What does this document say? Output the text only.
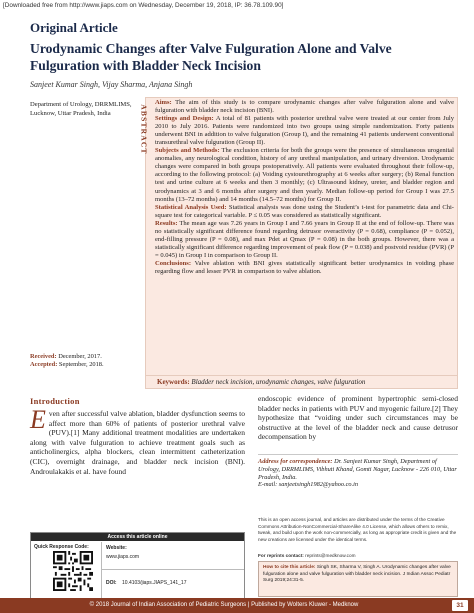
[Downloaded free from http://www.jiaps.com on Wednesday, December 19, 2018, IP: 36.78.109.90]
Original Article
Urodynamic Changes after Valve Fulguration Alone and Valve Fulguration with Bladder Neck Incision
Sanjeet Kumar Singh, Vijay Sharma, Anjana Singh
Department of Urology, DRRMLIMS, Lucknow, Uttar Pradesh, India	ABSTRACT

Aims: The aim of this study is to compare urodynamic changes after valve fulguration alone and valve fulguration with bladder neck incision (BNI).

Settings and Design: A total of 81 patients with posterior urethral valve were treated at our center from July 2010 to July 2016. Patients were randomized into two groups using simple randomization. Forty patients underwent BNI in addition to valve fulguration (Group I), and the remaining 41 patients underwent conventional transurethral valve fulguration (Group II).

Subjects and Methods: The exclusion criteria for both the groups were the presence of simultaneous urogenital anomalies, any neurological condition, history of any urethral manipulation, and urinary diversion. Urodynamic changes were compared in both groups postoperatively. All patients were evaluated throughout their follow-up, according to the following protocol: (a) Voiding cystourethrography at 6 weeks after surgery; (b) Renal function test and urine culture at 6 weeks and then 3 monthly; (c) Ultrasound kidney, ureter, and bladder region and urodynamics at 3 and 6 months after surgery and then yearly. Median follow-up period for Group I was 27.5 months (13–72 months) and 14 months (14.5–72 months) for Group II.

Statistical Analysis Used: Statistical analysis was done using the Student’s t-test for parametric data and Chi-square test for categorical variable. P ≤ 0.05 was considered as statistically significant.

Results: The mean age was 7.26 years in Group I and 7.66 years in Group II at the end of follow-up. There was no statistically significant difference found regarding detrusor overactivity (P = 0.68), compliance (P = 0.052), end-filling pressure (P = 0.08), and max Pdet at Qmax (P = 0.08) in the both groups. However, there was a statistically significant difference regarding improvement of peak flow (P = 0.038) and postvoid residue (PVR) (P = 0.045) in Group I in comparison to Group II.

Conclusions: Valve ablation with BNI gives statistically significant better urodynamics in voiding phase regarding flow and lesser PVR in comparison to valve ablation.

Keywords: Bladder neck incision, urodynamic changes, valve fulguration
Received: December, 2017.
Accepted: September, 2018.
Introduction
Even after successful valve ablation, bladder dysfunction seems to affect more than 60% of patients of posterior urethral valve (PUV).[1] Many additional treatment modalities are undertaken along with valve fulguration to achieve treatment goals such as anticholinergics, alpha blockers, clean intermittent catheterization (CIC), overnight drainage, and bladder neck incision (BNI). Androulakakis et al. have found
endoscopic evidence of prominent hypertrophic semi-closed bladder necks in patients with PUV and myogenic failure.[2] They hypothesize that “voiding under such circumstances may be obstructive at the level of the bladder neck and cause detrusor decompensation by
Address for correspondence: Dr. Sanjeet Kumar Singh, Department of Urology, DRRMLIMS, Vibhuti Khand, Gomti Nagar, Lucknow - 226 010, Uttar Pradesh, India.
E-mail: sanjeetsingh1982@yahoo.co.in
This is an open access journal, and articles are distributed under the terms of the Creative Commons Attribution-NonCommercial-ShareAlike 4.0 License, which allows others to remix, tweak, and build upon the work non-commercially, as long as appropriate credit is given and the new creations are licensed under the identical terms.
For reprints contact: reprints@medknow.com
How to cite this article: Singh SK, Sharma V, Singh A. Urodynamic changes after valve fulguration alone and valve fulguration with bladder neck incision. J Indian Assoc Pediatr Surg 2019;24:31-5.
Access this article online
Quick Response Code:	Website:
www.jiaps.com
DOI: 10.4103/jiaps.JIAPS_141_17
© 2018 Journal of Indian Association of Pediatric Surgeons | Published by Wolters Kluwer - Medknow	31
